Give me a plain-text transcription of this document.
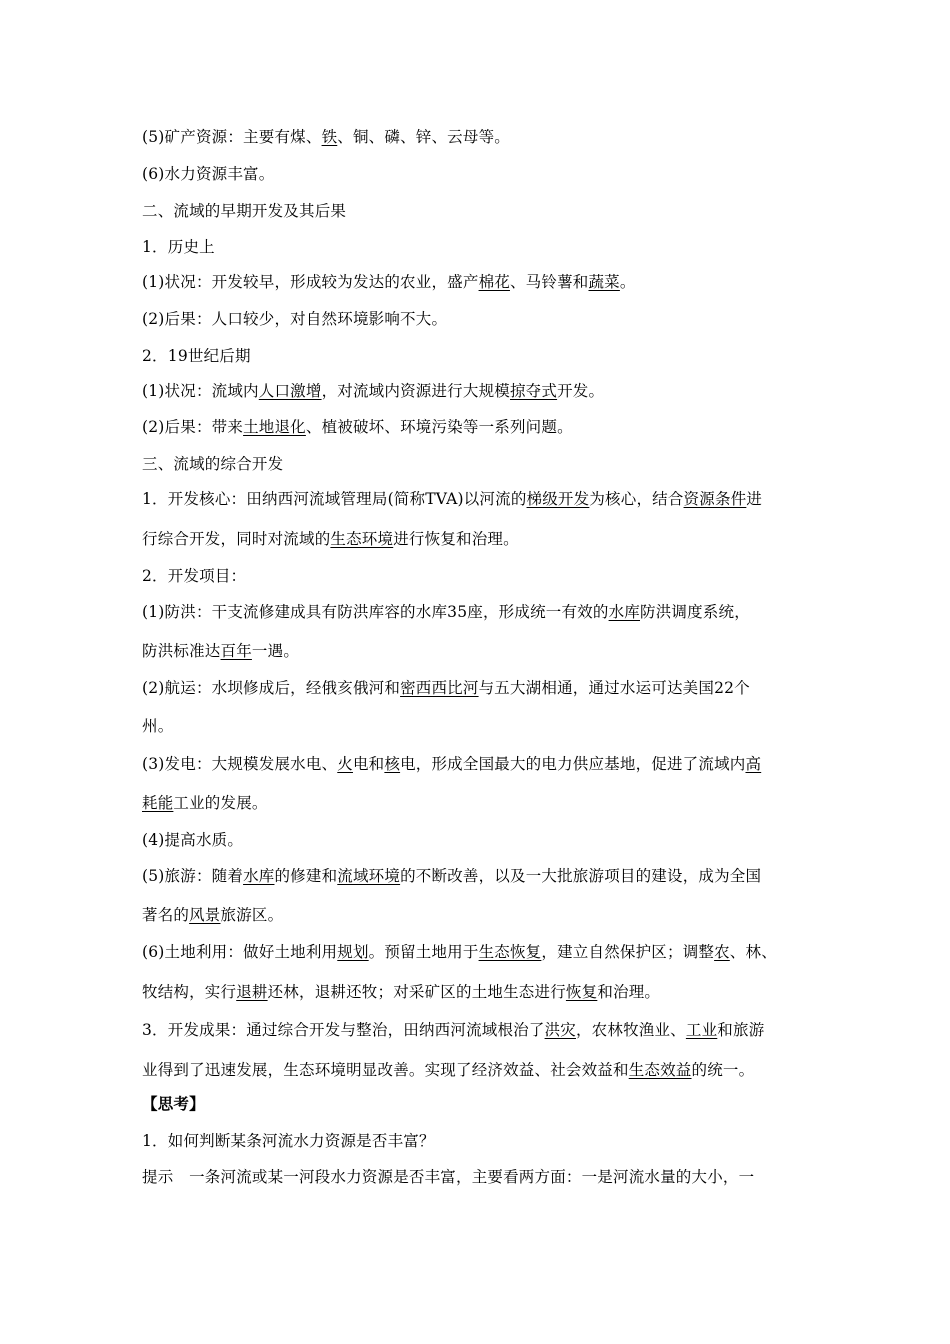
(5)矿产资源：主要有煤、铁、铜、磷、锌、云母等。
(6)水力资源丰富。
二、流域的早期开发及其后果
1．历史上
(1)状况：开发较早，形成较为发达的农业，盛产棉花、马铃薯和蔬菜。
(2)后果：人口较少，对自然环境影响不大。
2．19世纪后期
(1)状况：流域内人口激增，对流域内资源进行大规模掠夺式开发。
(2)后果：带来土地退化、植被破坏、环境污染等一系列问题。
三、流域的综合开发
1．开发核心：田纳西河流域管理局(简称TVA)以河流的梯级开发为核心，结合资源条件进
行综合开发，同时对流域的生态环境进行恢复和治理。
2．开发项目：
(1)防洪：干支流修建成具有防洪库容的水库35座，形成统一有效的水库防洪调度系统，
防洪标准达百年一遇。
(2)航运：水坝修成后，经俄亥俄河和密西西比河与五大湖相通，通过水运可达美国22个
州。
(3)发电：大规模发展水电、火电和核电，形成全国最大的电力供应基地，促进了流域内高
耗能工业的发展。
(4)提高水质。
(5)旅游：随着水库的修建和流域环境的不断改善，以及一大批旅游项目的建设，成为全国
著名的风景旅游区。
(6)土地利用：做好土地利用规划。预留土地用于生态恢复，建立自然保护区；调整农、林、
牧结构，实行退耕还林，退耕还牧；对采矿区的土地生态进行恢复和治理。
3．开发成果：通过综合开发与整治，田纳西河流域根治了洪灾，农林牧渔业、工业和旅游
业得到了迅速发展，生态环境明显改善。实现了经济效益、社会效益和生态效益的统一。
【思考】
1．如何判断某条河流水力资源是否丰富？
提示　一条河流或某一河段水力资源是否丰富，主要看两方面：一是河流水量的大小，一
